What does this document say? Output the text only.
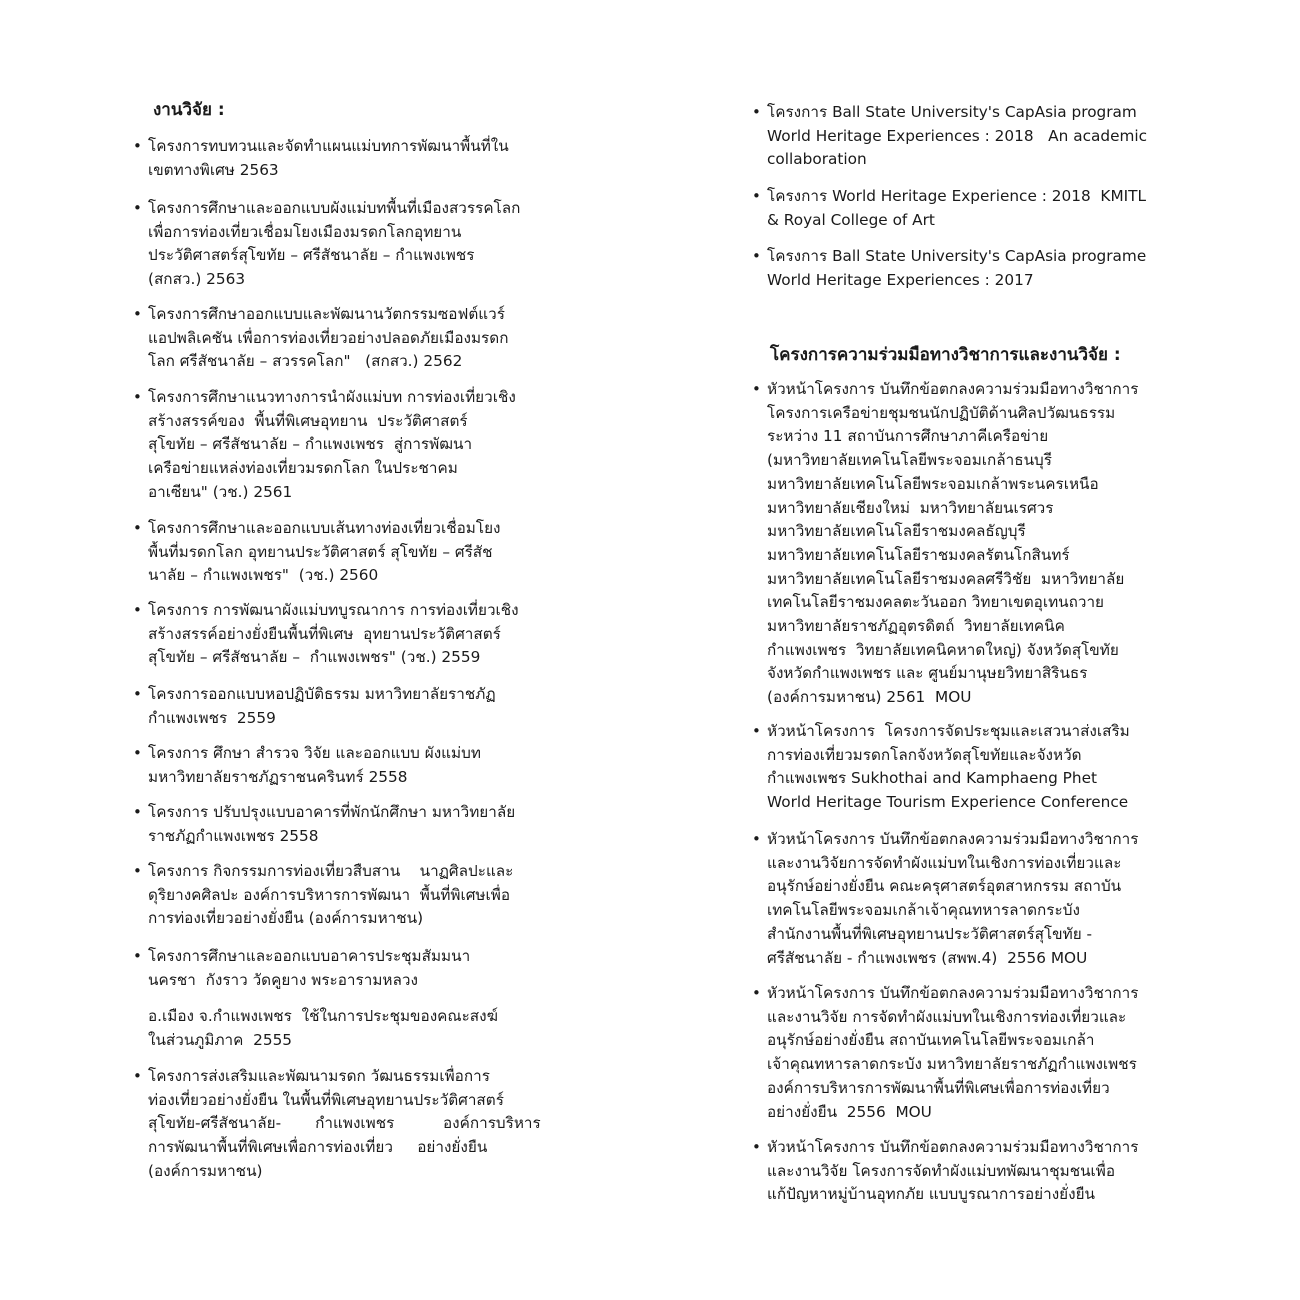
งานวิจัย :
• โครงการทบทวนและจัดทำแผนแม่บทการพัฒนาพื้นที่ใน
เขตทางพิเศษ 2563
• โครงการศึกษาและออกแบบผังแม่บทพื้นที่เมืองสวรรคโลก
เพื่อการท่องเที่ยวเชื่อมโยงเมืองมรดกโลกอุทยาน
ประวัติศาสตร์สุโขทัย – ศรีสัชนาลัย – กำแพงเพชร
(สกสว.) 2563
• โครงการศึกษาออกแบบและพัฒนานวัตกรรมซอฟต์แวร์
แอปพลิเคชัน เพื่อการท่องเที่ยวอย่างปลอดภัยเมืองมรดก
โลก ศรีสัชนาลัย – สวรรคโลก"   (สกสว.) 2562
• โครงการศึกษาแนวทางการนำผังแม่บท การท่องเที่ยวเชิง
สร้างสรรค์ของ  พื้นที่พิเศษอุทยาน  ประวัติศาสตร์
สุโขทัย – ศรีสัชนาลัย – กำแพงเพชร  สู่การพัฒนา
เครือข่ายแหล่งท่องเที่ยวมรดกโลก ในประชาคม
อาเซียน" (วช.) 2561
• โครงการศึกษาและออกแบบเส้นทางท่องเที่ยวเชื่อมโยง
พื้นที่มรดกโลก อุทยานประวัติศาสตร์ สุโขทัย – ศรีสัช
นาลัย – กำแพงเพชร"  (วช.) 2560
• โครงการ การพัฒนาผังแม่บทบูรณาการ การท่องเที่ยวเชิง
สร้างสรรค์อย่างยั่งยืนพื้นที่พิเศษ  อุทยานประวัติศาสตร์
สุโขทัย – ศรีสัชนาลัย –  กำแพงเพชร" (วช.) 2559
• โครงการออกแบบหอปฏิบัติธรรม มหาวิทยาลัยราชภัฏ
กำแพงเพชร  2559
• โครงการ ศึกษา สำรวจ วิจัย และออกแบบ ผังแม่บท
มหาวิทยาลัยราชภัฏราชนครินทร์ 2558
• โครงการ ปรับปรุงแบบอาคารที่พักนักศึกษา มหาวิทยาลัย
ราชภัฏกำแพงเพชร 2558
• โครงการ กิจกรรมการท่องเที่ยวสืบสาน    นาฏศิลปะและ
ดุริยางคศิลปะ องค์การบริหารการพัฒนา  พื้นที่พิเศษเพื่อ
การท่องเที่ยวอย่างยั่งยืน (องค์การมหาชน)
• โครงการศึกษาและออกแบบอาคารประชุมสัมมนา
นครชา  กังราว วัดคูยาง พระอารามหลวง
อ.เมือง จ.กำแพงเพชร  ใช้ในการประชุมของคณะสงฆ์
ในส่วนภูมิภาค  2555
• โครงการส่งเสริมและพัฒนามรดก วัฒนธรรมเพื่อการ
ท่องเที่ยวอย่างยั่งยืน ในพื้นที่พิเศษอุทยานประวัติศาสตร์
สุโขทัย-ศรีสัชนาลัย-       กำแพงเพชร          องค์การบริหาร
การพัฒนาพื้นที่พิเศษเพื่อการท่องเที่ยว     อย่างยั่งยืน
(องค์การมหาชน)
• โครงการ Ball State University's CapAsia program
World Heritage Experiences : 2018   An academic
collaboration
• โครงการ World Heritage Experience : 2018  KMITL
& Royal College of Art
• โครงการ Ball State University's CapAsia programe
World Heritage Experiences : 2017
โครงการความร่วมมือทางวิชาการและงานวิจัย :
• หัวหน้าโครงการ บันทึกข้อตกลงความร่วมมือทางวิชาการ
โครงการเครือข่ายชุมชนนักปฏิบัติด้านศิลปวัฒนธรรม
ระหว่าง 11 สถาบันการศึกษาภาคีเครือข่าย
(มหาวิทยาลัยเทคโนโลยีพระจอมเกล้าธนบุรี
มหาวิทยาลัยเทคโนโลยีพระจอมเกล้าพระนครเหนือ
มหาวิทยาลัยเชียงใหม่  มหาวิทยาลัยนเรศวร
มหาวิทยาลัยเทคโนโลยีราชมงคลธัญบุรี
มหาวิทยาลัยเทคโนโลยีราชมงคลรัตนโกสินทร์
มหาวิทยาลัยเทคโนโลยีราชมงคลศรีวิชัย  มหาวิทยาลัย
เทคโนโลยีราชมงคลตะวันออก วิทยาเขตอุเทนถวาย
มหาวิทยาลัยราชภัฏอุตรดิตถ์  วิทยาลัยเทคนิค
กำแพงเพชร  วิทยาลัยเทคนิคหาดใหญ่) จังหวัดสุโขทัย
จังหวัดกำแพงเพชร และ ศูนย์มานุษยวิทยาสิรินธร
(องค์การมหาชน) 2561  MOU
• หัวหน้าโครงการ  โครงการจัดประชุมและเสวนาส่งเสริม
การท่องเที่ยวมรดกโลกจังหวัดสุโขทัยและจังหวัด
กำแพงเพชร Sukhothai and Kamphaeng Phet
World Heritage Tourism Experience Conference
• หัวหน้าโครงการ บันทึกข้อตกลงความร่วมมือทางวิชาการ
และงานวิจัยการจัดทำผังแม่บทในเชิงการท่องเที่ยวและ
อนุรักษ์อย่างยั่งยืน คณะครุศาสตร์อุตสาหกรรม สถาบัน
เทคโนโลยีพระจอมเกล้าเจ้าคุณทหารลาดกระบัง
สำนักงานพื้นที่พิเศษอุทยานประวัติศาสตร์สุโขทัย -
ศรีสัชนาลัย - กำแพงเพชร (สพพ.4)  2556 MOU
• หัวหน้าโครงการ บันทึกข้อตกลงความร่วมมือทางวิชาการ
และงานวิจัย การจัดทำผังแม่บทในเชิงการท่องเที่ยวและ
อนุรักษ์อย่างยั่งยืน สถาบันเทคโนโลยีพระจอมเกล้า
เจ้าคุณทหารลาดกระบัง มหาวิทยาลัยราชภัฏกำแพงเพชร
องค์การบริหารการพัฒนาพื้นที่พิเศษเพื่อการท่องเที่ยว
อย่างยั่งยืน  2556  MOU
• หัวหน้าโครงการ บันทึกข้อตกลงความร่วมมือทางวิชาการ
และงานวิจัย โครงการจัดทำผังแม่บทพัฒนาชุมชนเพื่อ
แก้ปัญหาหมู่บ้านอุทกภัย แบบบูรณาการอย่างยั่งยืน
